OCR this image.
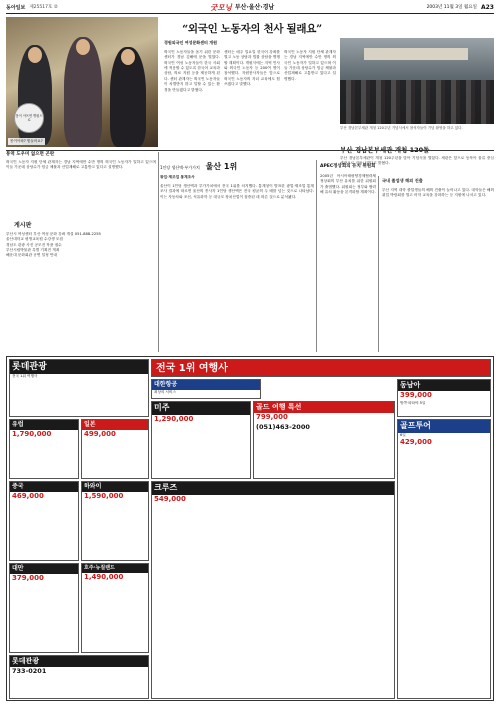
동아일보 제25517호 ②	굿모닝 부산·울산·경남	2003년 11월 3일 월요일 A23
몸이 아프면 병원으로
몸이아파? 힘들어요?
“외국인 노동자의 천사 될래요”
경원외국인 여성문화센터 개원
외국인 노동자들을 돕기 위한 문화센터가 경남 김해에 문을 열었다. 외국인 여성 노동자들이 한국 사회에 적응할 수 있도록 한국어 교육과 상담, 의료 지원 등을 제공하게 된다. 센터 관계자는 외국인 노동자들이 차별받지 않고 일할 수 있는 환경을 만들겠다고 밝혔다.
센터는 매주 일요일 한국어 강좌를 열고 노동 상담과 법률 상담을 병행할 계획이다. 개원식에는 지역 인사와 외국인 노동자 등 200여 명이 참석했다. 자원봉사자들은 앞으로 외국인 노동자의 자녀 교육에도 힘쓰겠다고 말했다.
외국인 노동자 지원 단체 관계자는 경남 지역에만 수만 명의 외국인 노동자가 일하고 있으며 이들 가운데 상당수가 임금 체불과 산업재해로 고통받고 있다고 설명했다.
부산 경남본부세관 개청 120주년 기념식에서 참석자들이 기념 촬영을 하고 있다.
부산 경남본부세관 개청 120돌
부산 경남본부세관이 개청 120주년을 맞아 기념식을 열었다. 세관은 앞으로 동북아 물류 중심 세관으로 거듭나겠다고 밝혔다.
통역 도우미 없으면 곤란
외국인 노동자 지원 단체 관계자는 경남 지역에만 수만 명의 외국인 노동자가 일하고 있으며 이들 가운데 상당수가 임금 체불과 산업재해로 고통받고 있다고 설명했다.
게시판
부산시 여성센터 부산 여성 문화 강좌 개설 051-888-2255
울산대학교 평생교육원 수강생 모집
경남도 관광 사진 공모전 작품 접수
부산시립박물관 특별 기획전 개최
해운대 문화회관 공연 일정 안내
1인당 생산액·부가가치 울산 1위
광업·제조업 통계조사
울산이 1인당 생산액과 부가가치에서 전국 1위를 차지했다. 통계청이 발표한 광업·제조업 통계조사 결과에 따르면 울산의 종사자 1인당 생산액은 전국 평균의 두 배를 넘는 것으로 나타났다. 이는 자동차와 조선, 석유화학 등 대규모 장치산업이 집중된 데 따른 것으로 분석됐다.
APEC정상회의 유치 위원회
2005년 아시아태평양경제협력체 정상회의 부산 유치를 위한 위원회가 출범했다. 위원회는 정부와 협력해 유치 활동을 본격화할 계획이다.
국내 졸업생 해외 진출
부산 지역 대학 졸업생들의 해외 진출이 늘어나고 있다. 대학들은 해외 취업 박람회를 열고 어학 교육을 강화하는 등 지원에 나서고 있다.
롯데관광
전국 1위 여행사
전국 1위 여행사
대한항공
최상의 서비스
동남아
399,000
방콕·파타야 5일
유럽
1,790,000
일본
499,000
중국
469,000
하와이
1,590,000
대만
379,000
호주·뉴질랜드
1,490,000
롯데관광
733-0201
미주
1,290,000
골드 여행 특선
799,000
(051)463-2000
크루즈
549,000
골프투어
6일
429,000
